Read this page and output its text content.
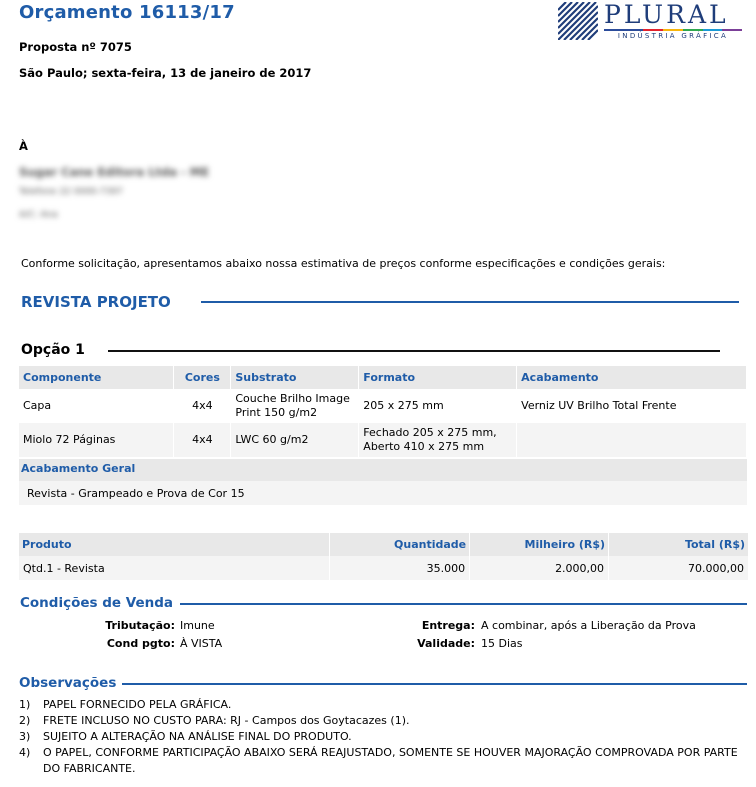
Orçamento 16113/17	PLURAL
INDÚSTRIA GRÁFICA
Proposta nº 7075
São Paulo; sexta-feira, 13 de janeiro de 2017
À
Sugar Cane Editora Ltda - ME
Telefone 22 0000-7397
A/C: Ana
Conforme solicitação, apresentamos abaixo nossa estimativa de preços conforme especificações e condições gerais:
REVISTA PROJETO
Opção 1
Componente	Cores	Substrato	Formato	Acabamento
Capa	4x4	Couche Brilho Image Print 150 g/m2	205 x 275 mm	Verniz UV Brilho Total Frente
Miolo 72 Páginas	4x4	LWC 60 g/m2	Fechado 205 x 275 mm, Aberto 410 x 275 mm	
Acabamento Geral
Revista - Grampeado e Prova de Cor 15
Produto	Quantidade	Milheiro (R$)	Total (R$)
Qtd.1 - Revista	35.000	2.000,00	70.000,00
Condições de Venda
Tributação: Imune
Cond pgto: À VISTA
Entrega: A combinar, após a Liberação da Prova
Validade: 15 Dias
Observações
1)	PAPEL FORNECIDO PELA GRÁFICA.
2)	FRETE INCLUSO NO CUSTO PARA: RJ - Campos dos Goytacazes (1).
3)	SUJEITO A ALTERAÇÃO NA ANÁLISE FINAL DO PRODUTO.
4)	O PAPEL, CONFORME PARTICIPAÇÃO ABAIXO SERÁ REAJUSTADO, SOMENTE SE HOUVER MAJORAÇÃO COMPROVADA POR PARTE DO FABRICANTE.
